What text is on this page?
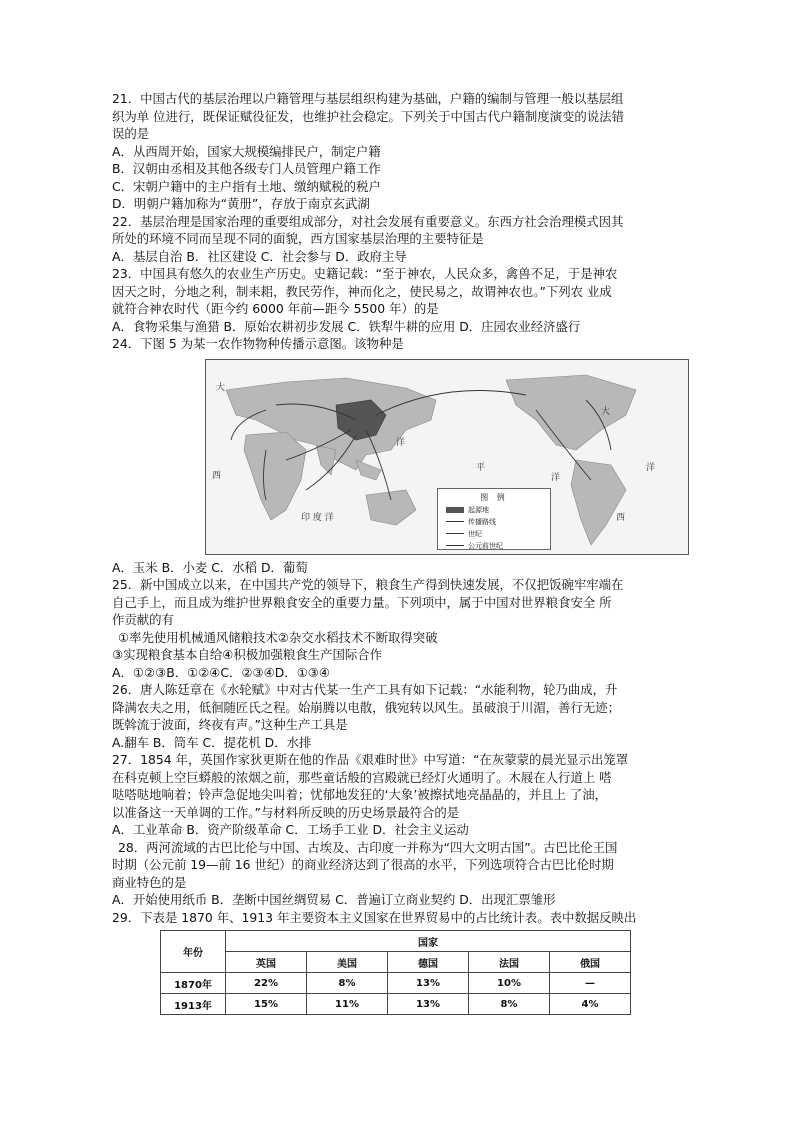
21．中国古代的基层治理以户籍管理与基层组织构建为基础，户籍的编制与管理一般以基层组

织为单 位进行，既保证赋役征发，也维护社会稳定。下列关于中国古代户籍制度演变的说法错

误的是

A．从西周开始，国家大规模编排民户，制定户籍

B．汉朝由丞相及其他各级专门人员管理户籍工作

C．宋朝户籍中的主户指有土地、缴纳赋税的税户

D．明朝户籍加称为“黄册”，存放于南京玄武湖

22．基层治理是国家治理的重要组成部分，对社会发展有重要意义。东西方社会治理模式因其

所处的环境不同而呈现不同的面貌，西方国家基层治理的主要特征是

A．基层自治 B．社区建设 C．社会参与 D．政府主导

23．中国具有悠久的农业生产历史。史籍记载：“至于神农，人民众多，禽兽不足，于是神农

因天之时，分地之利，制耒耜，教民劳作，神而化之，使民易之，故谓神农也。”下列农 业成

就符合神农时代（距今约 6000 年前—距今 5500 年）的是

A．食物采集与渔猎 B．原始农耕初步发展 C．铁犁牛耕的应用 D．庄园农业经济盛行

24．下图 5 为某一农作物物种传播示意图。该物种是

大
大
西
洋
洋
印 度 洋
平
洋
西
图 例
起源地
传播路线
世纪
公元前世纪

A．玉米 B．小麦 C．水稻 D．葡萄

25．新中国成立以来，在中国共产党的领导下，粮食生产得到快速发展，不仅把饭碗牢牢端在

自己手上，而且成为维护世界粮食安全的重要力量。下列项中，属于中国对世界粮食安全 所

作贡献的有

①率先使用机械通风储粮技术②杂交水稻技术不断取得突破

③实现粮食基本自给④积极加强粮食生产国际合作

A．①②③B．①②④C．②③④D．①③④

26．唐人陈廷章在《水轮赋》中对古代某一生产工具有如下记载：“水能利物，轮乃曲成，升

降满农夫之用，低徊随匠氏之程。始崩腾以电散，俄宛转以风生。虽破浪于川湄，善行无迹；

既斡流于波面，终夜有声。”这种生产工具是

A.翻车 B．筒车 C．提花机 D．水排

27．1854 年，英国作家狄更斯在他的作品《艰难时世》中写道：“在灰蒙蒙的晨光显示出笼罩

在科克顿上空巨蟒般的浓烟之前，那些童话般的宫殿就已经灯火通明了。木屐在人行道上 嗒

哒嗒哒地响着；铃声急促地尖叫着；忧郁地发狂的‘大象’被擦拭地亮晶晶的，并且上 了油，

以准备这一天单调的工作。”与材料所反映的历史场景最符合的是

A．工业革命 B．资产阶级革命 C．工场手工业 D．社会主义运动

28．两河流域的古巴比伦与中国、古埃及、古印度一并称为“四大文明古国”。古巴比伦王国

时期（公元前 19—前 16 世纪）的商业经济达到了很高的水平，下列选项符合古巴比伦时期

商业特色的是

A．开始使用纸币 B．垄断中国丝绸贸易 C．普遍订立商业契约 D．出现汇票雏形

29．下表是 1870 年、1913 年主要资本主义国家在世界贸易中的占比统计表。表中数据反映出

年份	国家				
	英国	美国	德国	法国	俄国
1870年	22%	8%	13%	10%	—
1913年	15%	11%	13%	8%	4%
